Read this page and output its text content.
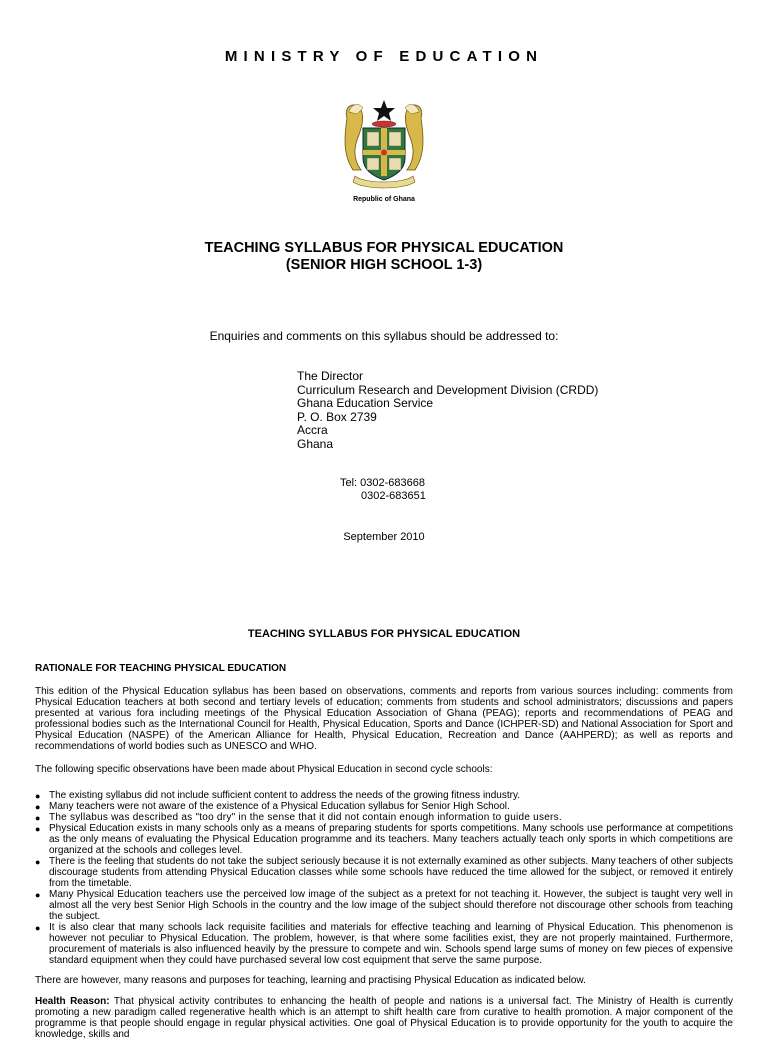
MINISTRY OF EDUCATION
Republic of Ghana
TEACHING SYLLABUS FOR PHYSICAL EDUCATION
(SENIOR HIGH SCHOOL 1-3)
Enquiries and comments on this syllabus should be addressed to:
The Director
Curriculum Research and Development Division (CRDD)
Ghana Education Service
P. O. Box 2739
Accra
Ghana
Tel: 0302-683668
0302-683651
September 2010
TEACHING SYLLABUS FOR PHYSICAL EDUCATION
RATIONALE FOR TEACHING PHYSICAL EDUCATION

This edition of the Physical Education syllabus has been based on observations, comments and reports from various sources including: comments from Physical Education teachers at both second and tertiary levels of education; comments from students and school administrators; discussions and papers presented at various fora including meetings of the Physical Education Association of Ghana (PEAG); reports and recommendations of PEAG and professional bodies such as the International Council for Health, Physical Education, Sports and Dance (ICHPER-SD) and National Association for Sport and Physical Education (NASPE) of the American Alliance for Health, Physical Education, Recreation and Dance (AAHPERD); as well as reports and recommendations of world bodies such as UNESCO and WHO.

The following specific observations have been made about Physical Education in second cycle schools:

● The existing syllabus did not include sufficient content to address the needs of the growing fitness industry.
● Many teachers were not aware of the existence of a Physical Education syllabus for Senior High School.
● The syllabus was described as "too dry" in the sense that it did not contain enough information to guide users.
● Physical Education exists in many schools only as a means of preparing students for sports competitions. Many schools use performance at competitions as the only means of evaluating the Physical Education programme and its teachers. Many teachers actually teach only sports in which competitions are organized at the schools and colleges level.
● There is the feeling that students do not take the subject seriously because it is not externally examined as other subjects. Many teachers of other subjects discourage students from attending Physical Education classes while some schools have reduced the time allowed for the subject, or removed it entirely from the timetable.
● Many Physical Education teachers use the perceived low image of the subject as a pretext for not teaching it. However, the subject is taught very well in almost all the very best Senior High Schools in the country and the low image of the subject should therefore not discourage other schools from teaching the subject.
● It is also clear that many schools lack requisite facilities and materials for effective teaching and learning of Physical Education. This phenomenon is however not peculiar to Physical Education. The problem, however, is that where some facilities exist, they are not properly maintained. Furthermore, procurement of materials is also influenced heavily by the pressure to compete and win. Schools spend large sums of money on few pieces of expensive standard equipment when they could have purchased several low cost equipment that serve the same purpose.

There are however, many reasons and purposes for teaching, learning and practising Physical Education as indicated below.

Health Reason: That physical activity contributes to enhancing the health of people and nations is a universal fact. The Ministry of Health is currently promoting a new paradigm called regenerative health which is an attempt to shift health care from curative to health promotion. A major component of the programme is that people should engage in regular physical activities. One goal of Physical Education is to provide opportunity for the youth to acquire the knowledge, skills and
